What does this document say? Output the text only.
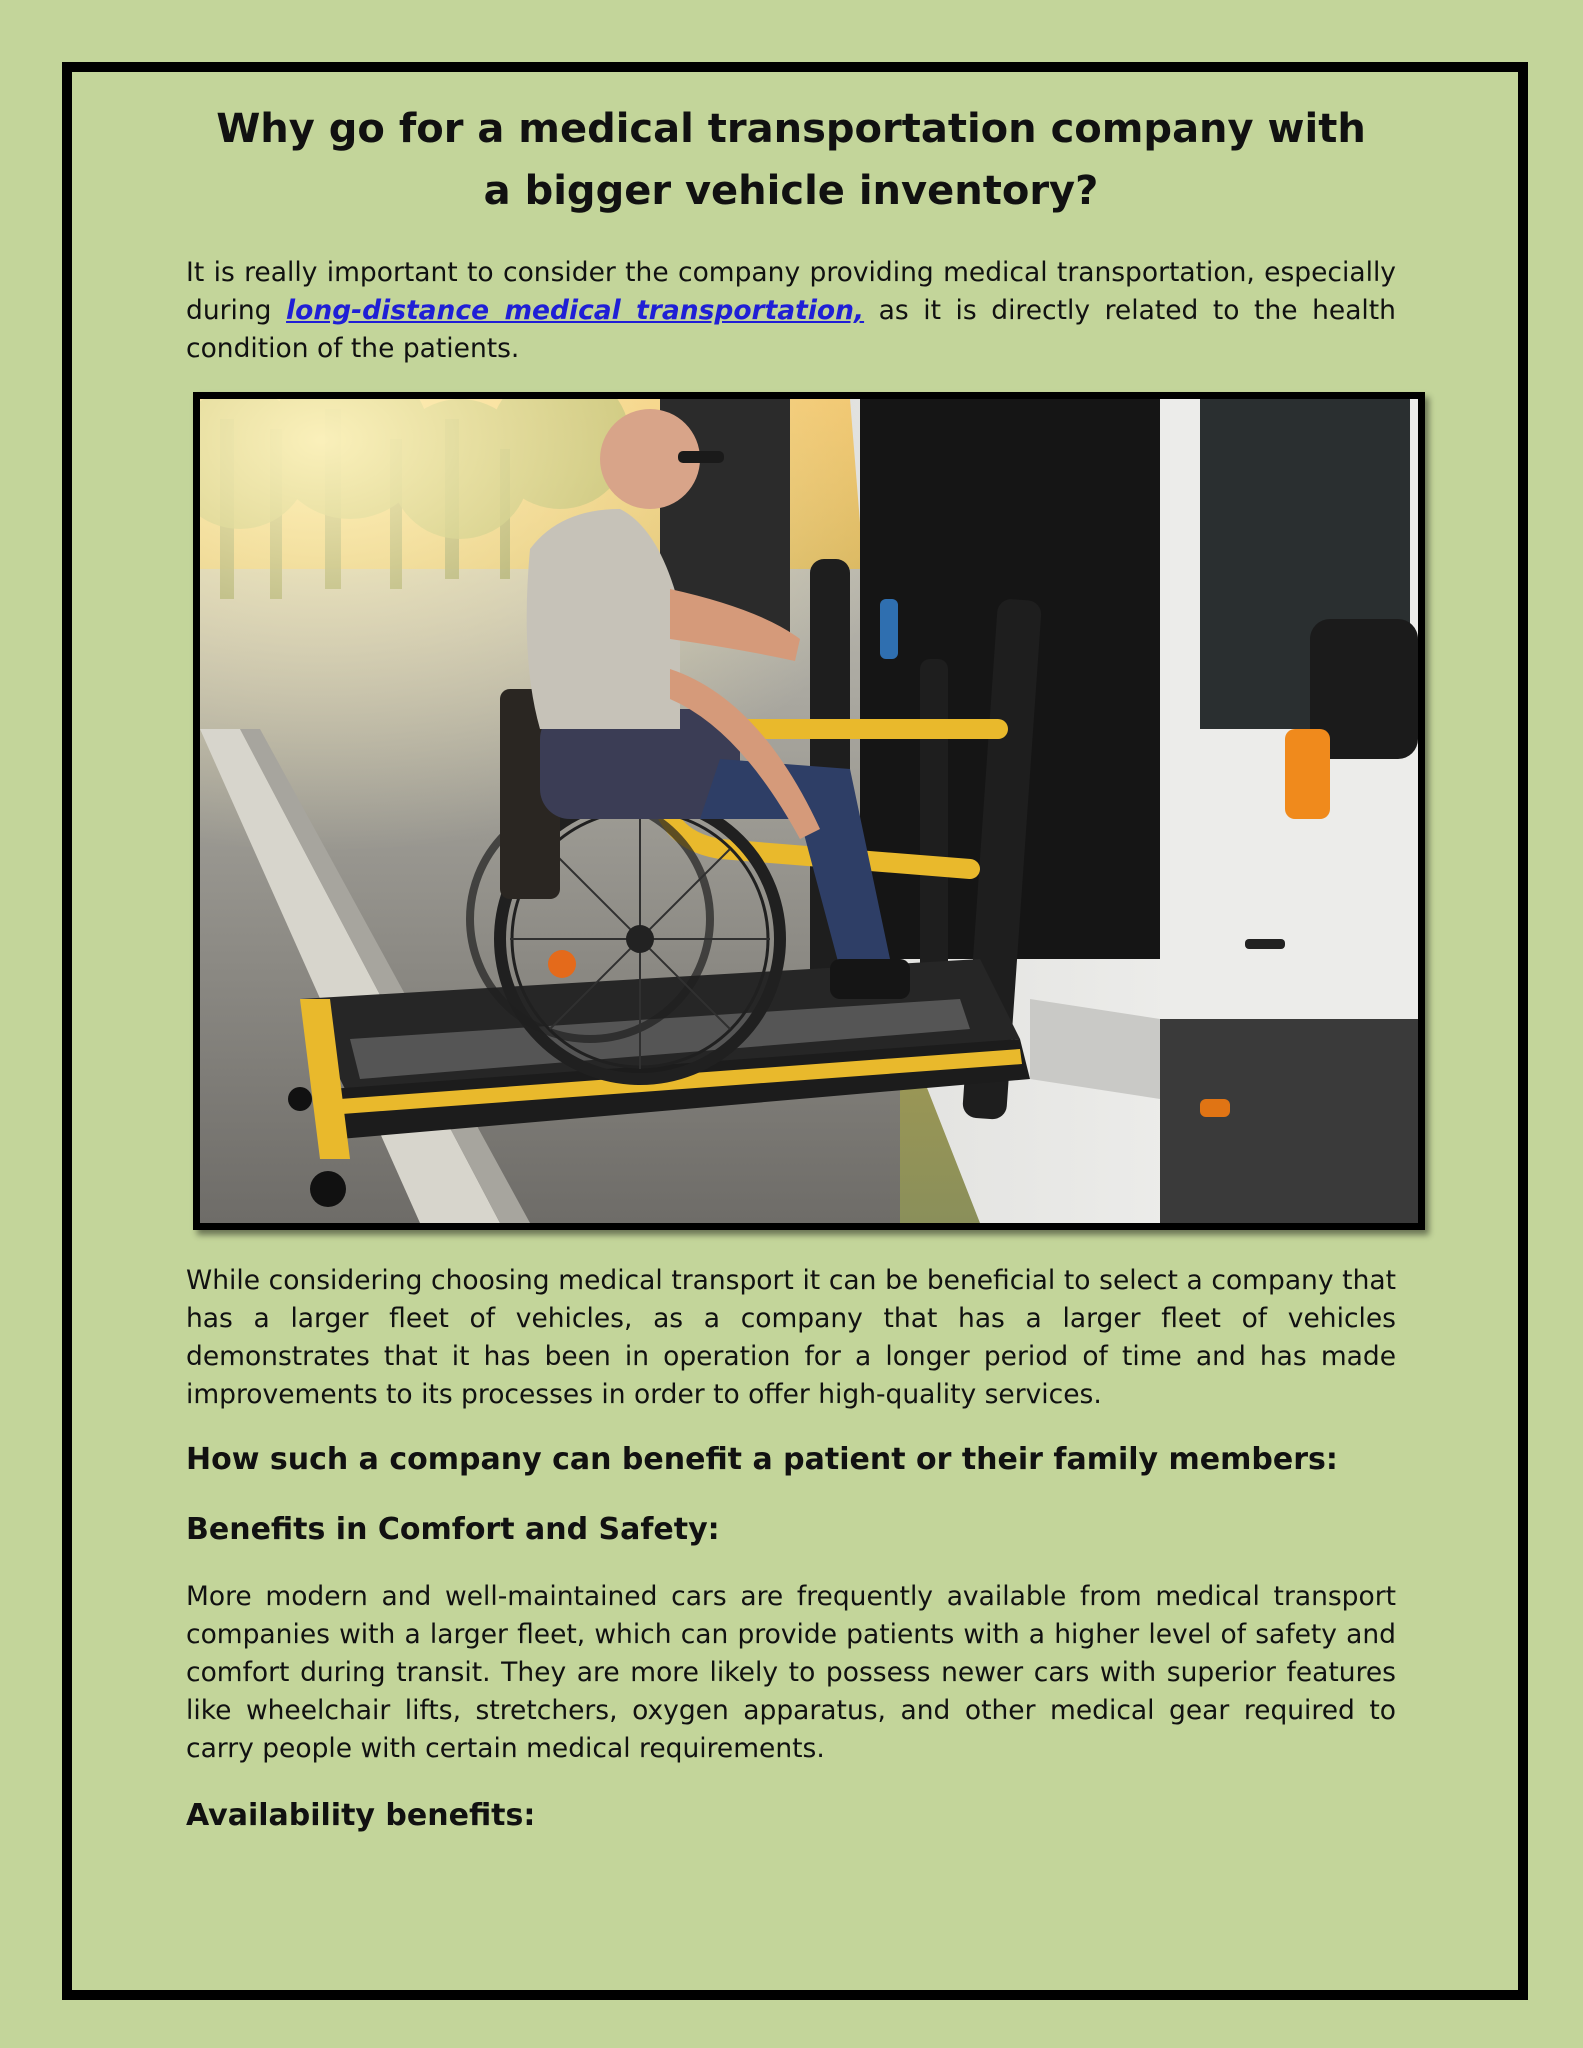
Why go for a medical transportation company with a bigger vehicle inventory?

It is really important to consider the company providing medical transportation, especially during long-distance medical transportation, as it is directly related to the health condition of the patients.

While considering choosing medical transport it can be beneficial to select a company that has a larger fleet of vehicles, as a company that has a larger fleet of vehicles demonstrates that it has been in operation for a longer period of time and has made improvements to its processes in order to offer high-quality services.

How such a company can benefit a patient or their family members:
Benefits in Comfort and Safety:

More modern and well-maintained cars are frequently available from medical transport companies with a larger fleet, which can provide patients with a higher level of safety and comfort during transit. They are more likely to possess newer cars with superior features like wheelchair lifts, stretchers, oxygen apparatus, and other medical gear required to carry people with certain medical requirements.

Availability benefits:
